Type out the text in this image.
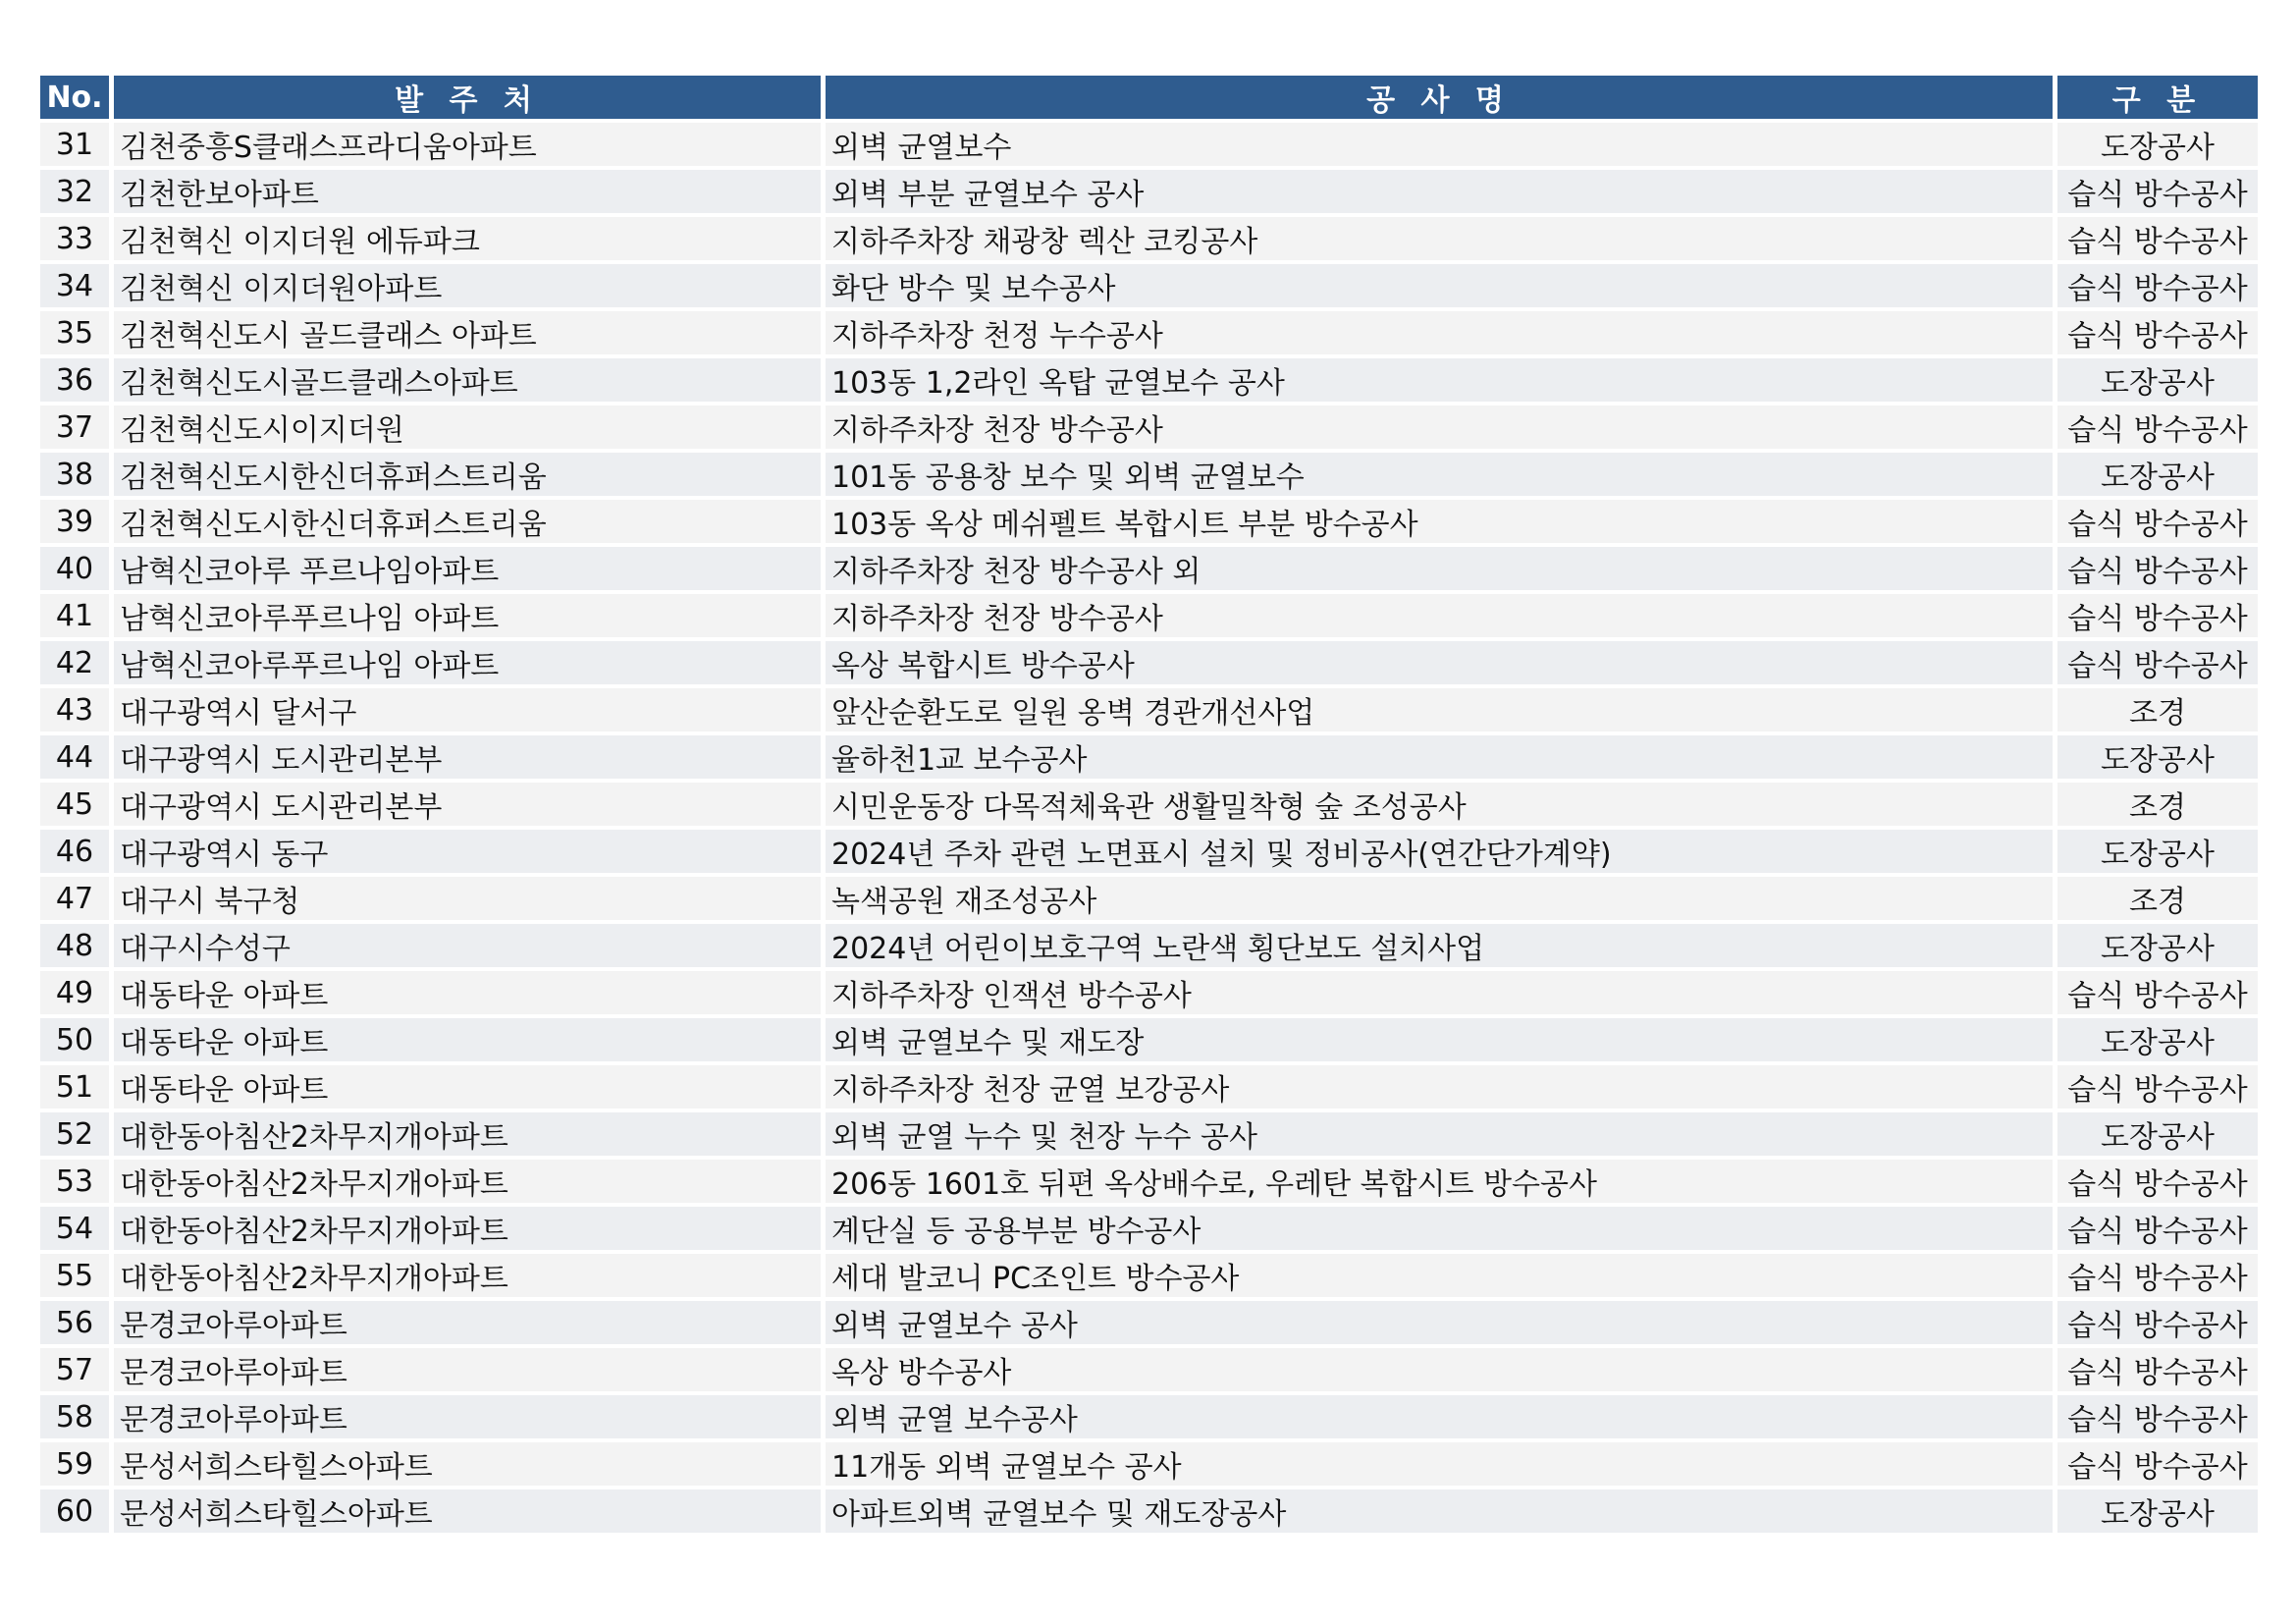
No.	발 주 처	공 사 명	구 분
31	김천중흥S클래스프라디움아파트	외벽 균열보수	도장공사
32	김천한보아파트	외벽 부분 균열보수 공사	습식 방수공사
33	김천혁신 이지더원 에듀파크	지하주차장 채광창 렉산 코킹공사	습식 방수공사
34	김천혁신 이지더원아파트	화단 방수 및 보수공사	습식 방수공사
35	김천혁신도시 골드클래스 아파트	지하주차장 천정 누수공사	습식 방수공사
36	김천혁신도시골드클래스아파트	103동 1,2라인 옥탑 균열보수 공사	도장공사
37	김천혁신도시이지더원	지하주차장 천장 방수공사	습식 방수공사
38	김천혁신도시한신더휴퍼스트리움	101동 공용창 보수 및 외벽 균열보수	도장공사
39	김천혁신도시한신더휴퍼스트리움	103동 옥상 메쉬펠트 복합시트 부분 방수공사	습식 방수공사
40	남혁신코아루 푸르나임아파트	지하주차장 천장 방수공사 외	습식 방수공사
41	남혁신코아루푸르나임 아파트	지하주차장 천장 방수공사	습식 방수공사
42	남혁신코아루푸르나임 아파트	옥상 복합시트 방수공사	습식 방수공사
43	대구광역시 달서구	앞산순환도로 일원 옹벽 경관개선사업	조경
44	대구광역시 도시관리본부	율하천1교 보수공사	도장공사
45	대구광역시 도시관리본부	시민운동장 다목적체육관 생활밀착형 숲 조성공사	조경
46	대구광역시 동구	2024년 주차 관련 노면표시 설치 및 정비공사(연간단가계약)	도장공사
47	대구시 북구청	녹색공원 재조성공사	조경
48	대구시수성구	2024년 어린이보호구역 노란색 횡단보도 설치사업	도장공사
49	대동타운 아파트	지하주차장 인잭션 방수공사	습식 방수공사
50	대동타운 아파트	외벽 균열보수 및 재도장	도장공사
51	대동타운 아파트	지하주차장 천장 균열 보강공사	습식 방수공사
52	대한동아침산2차무지개아파트	외벽 균열 누수 및 천장 누수 공사	도장공사
53	대한동아침산2차무지개아파트	206동 1601호 뒤편 옥상배수로, 우레탄 복합시트 방수공사	습식 방수공사
54	대한동아침산2차무지개아파트	계단실 등 공용부분 방수공사	습식 방수공사
55	대한동아침산2차무지개아파트	세대 발코니 PC조인트 방수공사	습식 방수공사
56	문경코아루아파트	외벽 균열보수 공사	습식 방수공사
57	문경코아루아파트	옥상 방수공사	습식 방수공사
58	문경코아루아파트	외벽 균열 보수공사	습식 방수공사
59	문성서희스타힐스아파트	11개동 외벽 균열보수 공사	습식 방수공사
60	문성서희스타힐스아파트	아파트외벽 균열보수 및 재도장공사	도장공사
